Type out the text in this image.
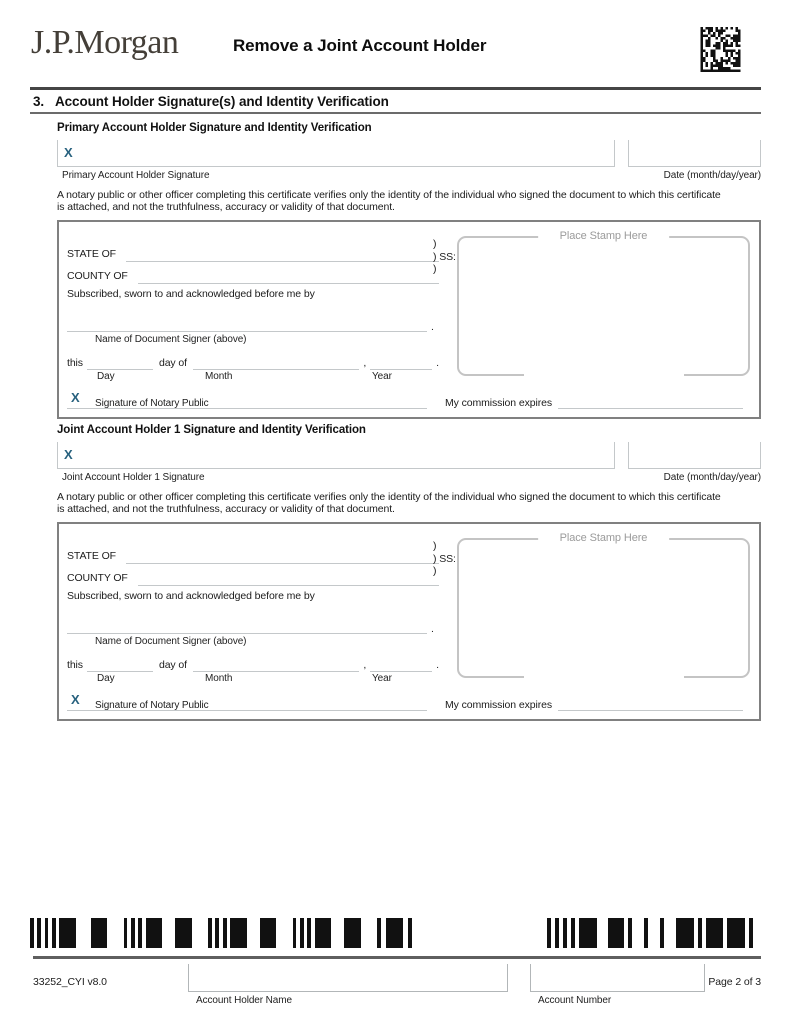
J.P.Morgan	Remove a Joint Account Holder
3. Account Holder Signature(s) and Identity Verification
Primary Account Holder Signature and Identity Verification
X
Primary Account Holder Signature	Date (month/day/year)
A notary public or other officer completing this certificate verifies only the identity of the individual who signed the document to which this certificate
is attached, and not the truthfulness, accuracy or validity of that document.
STATE OF
COUNTY OF
Subscribed, sworn to and acknowledged before me by
.
Name of Document Signer (above)
this	day of	,	.
Day	Month	Year
X
)
) SS:
)
Place Stamp Here
Signature of Notary Public	My commission expires
Joint Account Holder 1 Signature and Identity Verification
X
Joint Account Holder 1 Signature	Date (month/day/year)
A notary public or other officer completing this certificate verifies only the identity of the individual who signed the document to which this certificate
is attached, and not the truthfulness, accuracy or validity of that document.
STATE OF
COUNTY OF
Subscribed, sworn to and acknowledged before me by
.
Name of Document Signer (above)
this	day of	,	.
Day	Month	Year
X
)
) SS:
)
Place Stamp Here
Signature of Notary Public	My commission expires
33252_CYI v8.0
Account Holder Name	Account Number
Page 2 of 3
